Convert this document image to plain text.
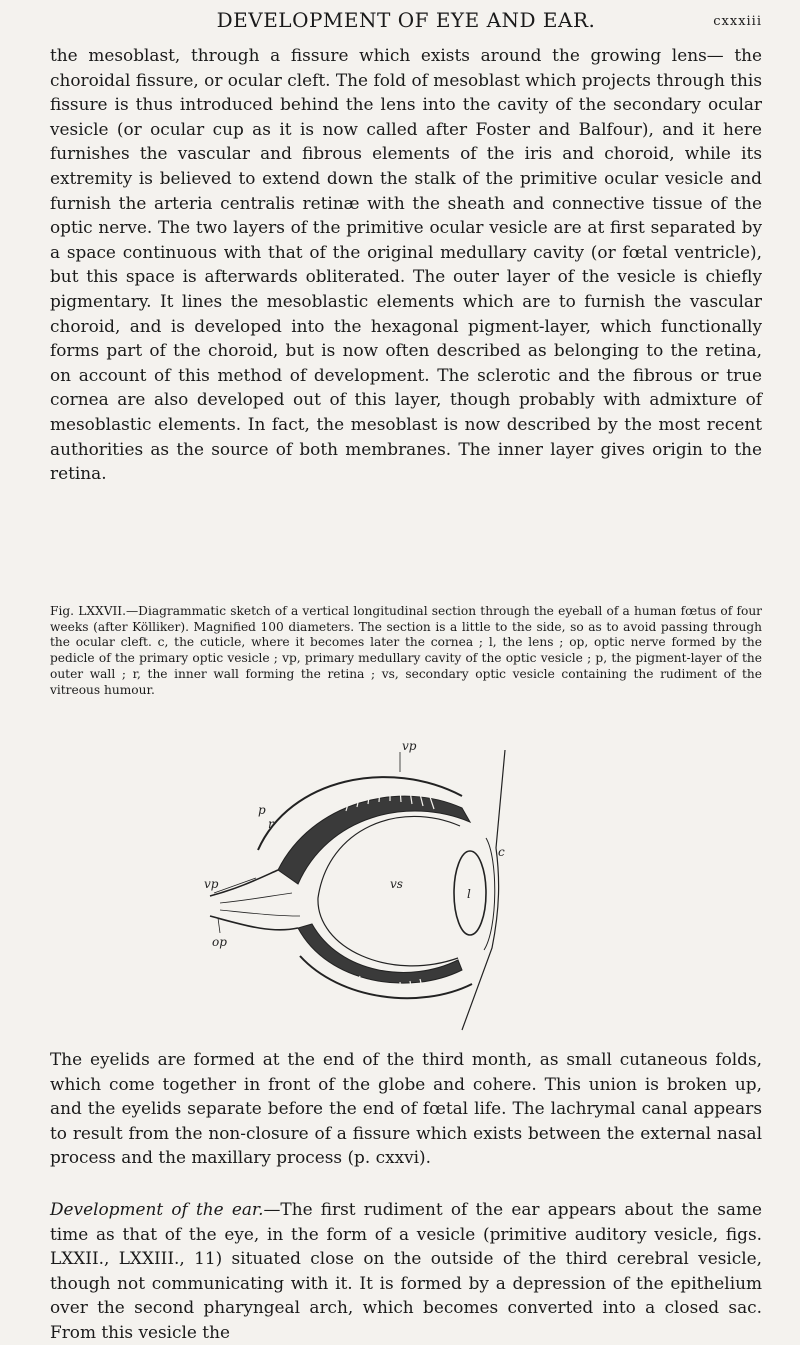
DEVELOPMENT OF EYE AND EAR.	cxxxiii

the mesoblast, through a fissure which exists around the growing lens— the choroidal fissure, or ocular cleft. The fold of mesoblast which projects through this fissure is thus introduced behind the lens into the cavity of the secondary ocular vesicle (or ocular cup as it is now called after Foster and Balfour), and it here furnishes the vascular and fibrous elements of the iris and choroid, while its extremity is believed to extend down the stalk of the primitive ocular vesicle and furnish the arteria centralis retinæ with the sheath and connective tissue of the optic nerve. The two layers of the primitive ocular vesicle are at first separated by a space continuous with that of the original medullary cavity (or fœtal ventricle), but this space is afterwards obliterated. The outer layer of the vesicle is chiefly pigmentary. It lines the mesoblastic elements which are to furnish the vascular choroid, and is developed into the hexagonal pigment-layer, which functionally forms part of the choroid, but is now often described as belonging to the retina, on account of this method of development. The sclerotic and the fibrous or true cornea are also developed out of this layer, though probably with admixture of mesoblastic elements. In fact, the mesoblast is now described by the most recent authorities as the source of both membranes. The inner layer gives origin to the retina.

Fig. LXXVII.—Diagrammatic sketch of a vertical longitudinal section through the eyeball of a human fœtus of four weeks (after Kölliker). Magnified 100 diameters. The section is a little to the side, so as to avoid passing through the ocular cleft. c, the cuticle, where it becomes later the cornea ; l, the lens ; op, optic nerve formed by the pedicle of the primary optic vesicle ; vp, primary medullary cavity of the optic vesicle ; p, the pigment-layer of the outer wall ; r, the inner wall forming the retina ; vs, secondary optic vesicle containing the rudiment of the vitreous humour.

vp
p
r
vp
op
vs
l
c

The eyelids are formed at the end of the third month, as small cutaneous folds, which come together in front of the globe and cohere. This union is broken up, and the eyelids separate before the end of fœtal life. The lachrymal canal appears to result from the non-closure of a fissure which exists between the external nasal process and the maxillary process (p. cxxvi).

Development of the ear.—The first rudiment of the ear appears about the same time as that of the eye, in the form of a vesicle (primitive auditory vesicle, figs. LXXII., LXXIII., 11) situated close on the outside of the third cerebral vesicle, though not communicating with it. It is formed by a depression of the epithelium over the second pharyngeal arch, which becomes converted into a closed sac. From this vesicle the
